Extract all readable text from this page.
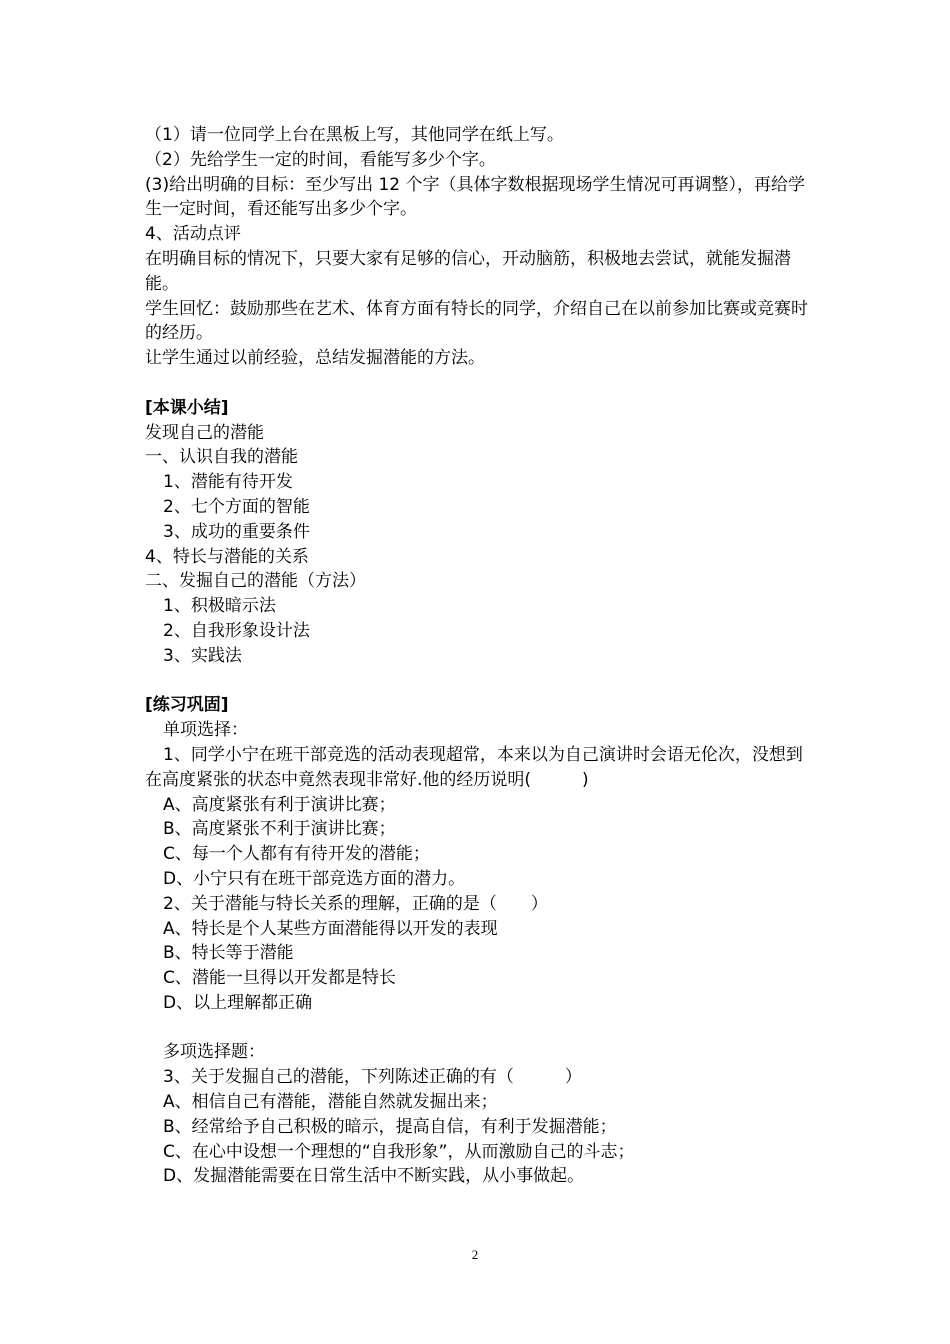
（1）请一位同学上台在黑板上写，其他同学在纸上写。
（2）先给学生一定的时间，看能写多少个字。
(3)给出明确的目标：至少写出 12 个字（具体字数根据现场学生情况可再调整），再给学生一定时间，看还能写出多少个字。
4、活动点评
在明确目标的情况下，只要大家有足够的信心，开动脑筋，积极地去尝试，就能发掘潜能。
学生回忆：鼓励那些在艺术、体育方面有特长的同学，介绍自己在以前参加比赛或竞赛时的经历。
让学生通过以前经验，总结发掘潜能的方法。
[本课小结]
发现自己的潜能
一、认识自我的潜能
1、潜能有待开发
2、七个方面的智能
3、成功的重要条件
4、特长与潜能的关系
二、发掘自己的潜能（方法）
1、积极暗示法
2、自我形象设计法
3、实践法
[练习巩固]
单项选择：
1、同学小宁在班干部竞选的活动表现超常，本来以为自己演讲时会语无伦次，没想到在高度紧张的状态中竟然表现非常好.他的经历说明(　　　)
A、高度紧张有利于演讲比赛；
B、高度紧张不利于演讲比赛；
C、每一个人都有有待开发的潜能；
D、小宁只有在班干部竞选方面的潜力。
2、关于潜能与特长关系的理解，正确的是（　　）
A、特长是个人某些方面潜能得以开发的表现
B、特长等于潜能
C、潜能一旦得以开发都是特长
D、以上理解都正确
多项选择题：
3、关于发掘自己的潜能，下列陈述正确的有（　　　）
A、相信自己有潜能，潜能自然就发掘出来；
B、经常给予自己积极的暗示，提高自信，有利于发掘潜能；
C、在心中设想一个理想的“自我形象”，从而激励自己的斗志；
D、发掘潜能需要在日常生活中不断实践，从小事做起。
2
